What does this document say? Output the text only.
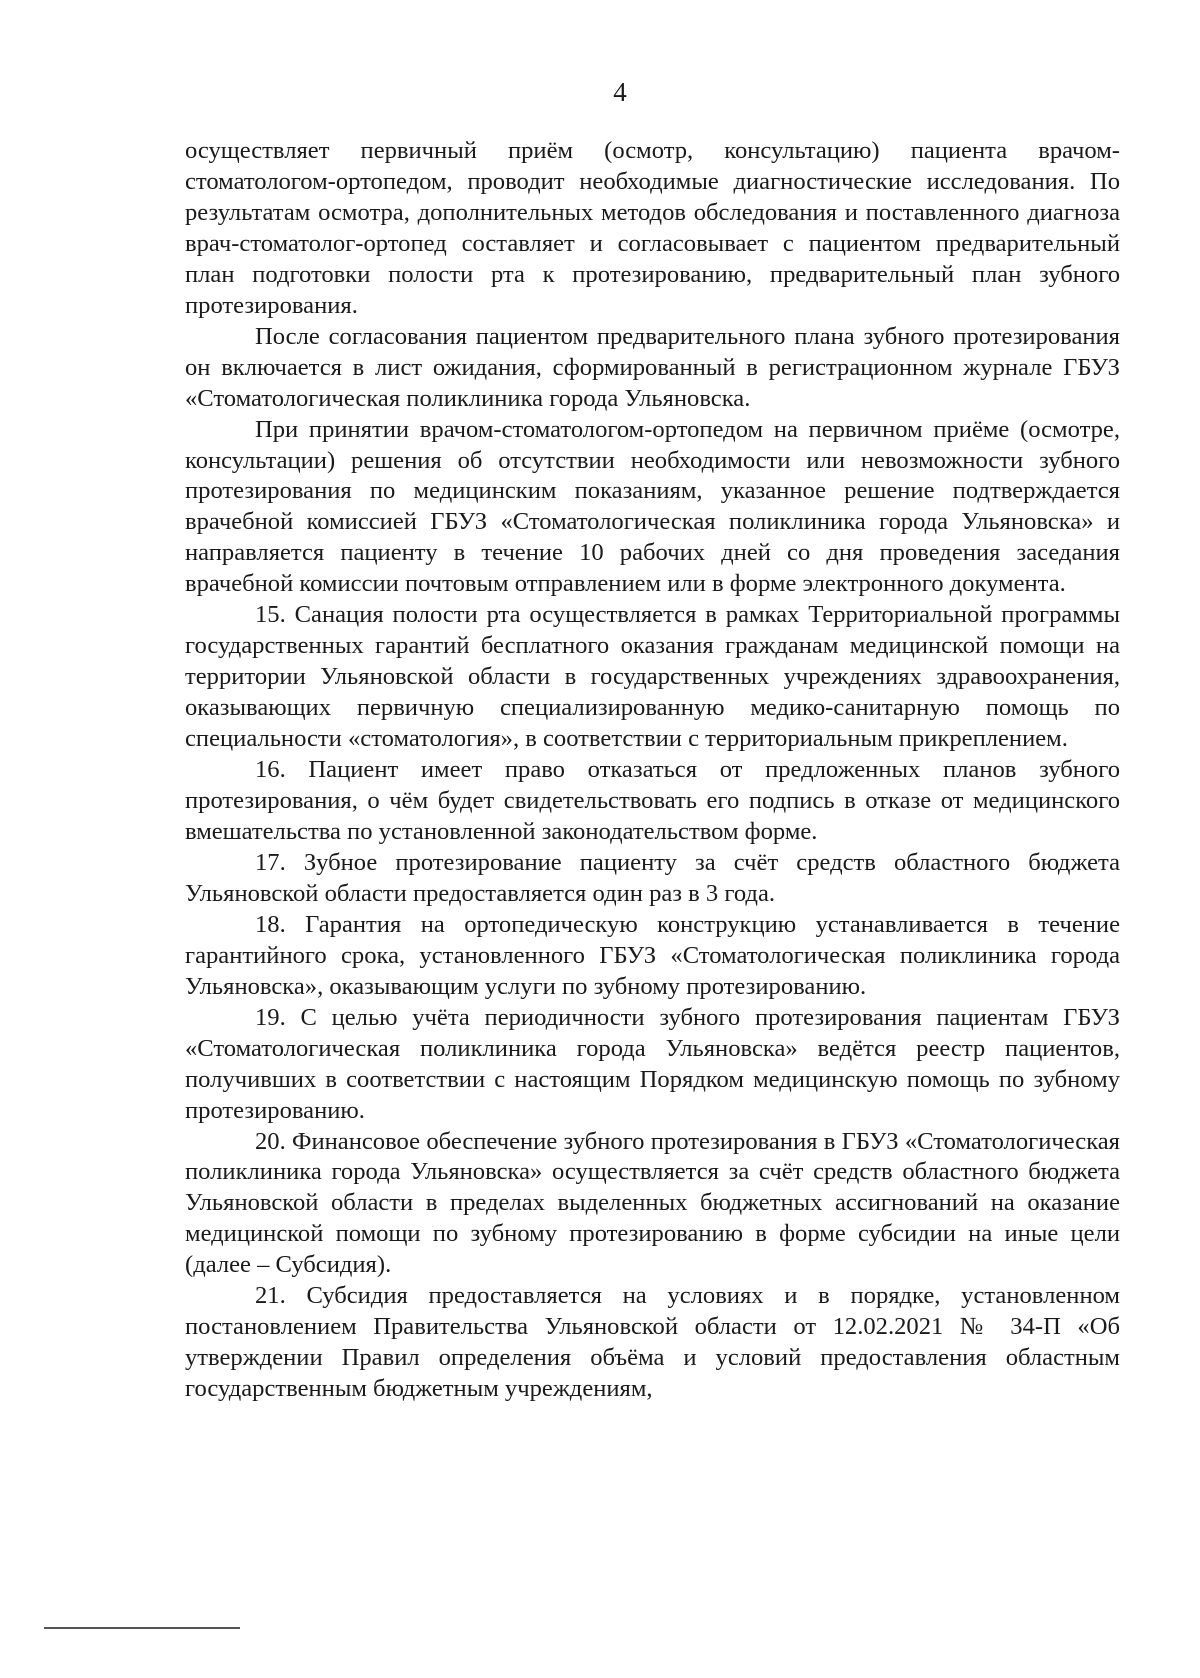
4

осуществляет первичный приём (осмотр, консультацию) пациента врачом-стоматологом-ортопедом, проводит необходимые диагностические исследования. По результатам осмотра, дополнительных методов обследования и поставленного диагноза врач-стоматолог-ортопед составляет и согласовывает с пациентом предварительный план подготовки полости рта к протезированию, предварительный план зубного протезирования.

После согласования пациентом предварительного плана зубного протезирования он включается в лист ожидания, сформированный в регистрационном журнале ГБУЗ «Стоматологическая поликлиника города Ульяновска.

При принятии врачом-стоматологом-ортопедом на первичном приёме (осмотре, консультации) решения об отсутствии необходимости или невозможности зубного протезирования по медицинским показаниям, указанное решение подтверждается врачебной комиссией ГБУЗ «Стоматологическая поликлиника города Ульяновска» и направляется пациенту в течение 10 рабочих дней со дня проведения заседания врачебной комиссии почтовым отправлением или в форме электронного документа.

15. Санация полости рта осуществляется в рамках Территориальной программы государственных гарантий бесплатного оказания гражданам медицинской помощи на территории Ульяновской области в государственных учреждениях здравоохранения, оказывающих первичную специализированную медико-санитарную помощь по специальности «стоматология», в соответствии с территориальным прикреплением.

16. Пациент имеет право отказаться от предложенных планов зубного протезирования, о чём будет свидетельствовать его подпись в отказе от медицинского вмешательства по установленной законодательством форме.

17. Зубное протезирование пациенту за счёт средств областного бюджета Ульяновской области предоставляется один раз в 3 года.

18. Гарантия на ортопедическую конструкцию устанавливается в течение гарантийного срока, установленного ГБУЗ «Стоматологическая поликлиника города Ульяновска», оказывающим услуги по зубному протезированию.

19. С целью учёта периодичности зубного протезирования пациентам ГБУЗ «Стоматологическая поликлиника города Ульяновска» ведётся реестр пациентов, получивших в соответствии с настоящим Порядком медицинскую помощь по зубному протезированию.

20. Финансовое обеспечение зубного протезирования в ГБУЗ «Стоматологическая поликлиника города Ульяновска» осуществляется за счёт средств областного бюджета Ульяновской области в пределах выделенных бюджетных ассигнований на оказание медицинской помощи по зубному протезированию в форме субсидии на иные цели (далее – Субсидия).

21. Субсидия предоставляется на условиях и в порядке, установленном постановлением Правительства Ульяновской области от 12.02.2021 № 34-П «Об утверждении Правил определения объёма и условий предоставления областным государственным бюджетным учреждениям,
